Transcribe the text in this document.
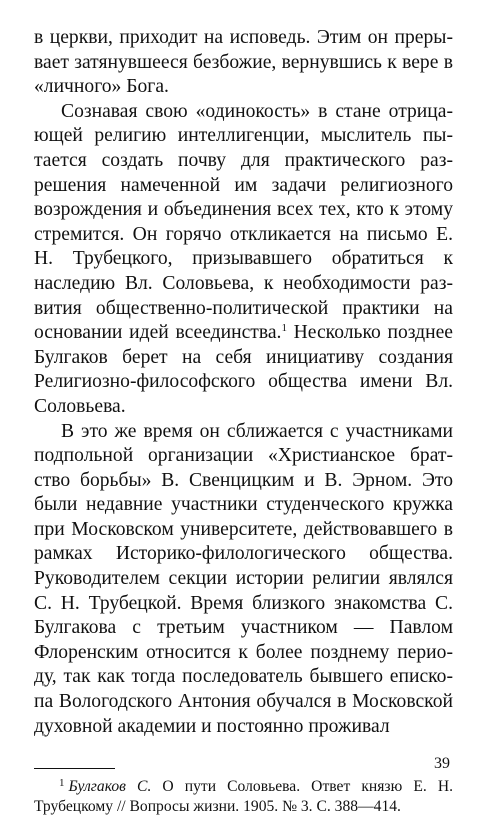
в церкви, приходит на исповедь. Этим он прерывает затянувшееся безбожие, вернувшись к вере в «личного» Бога.

Сознавая свою «одинокость» в стане отрицающей религию интеллигенции, мыслитель пытается создать почву для практического разрешения намеченной им задачи религиозного возрождения и объединения всех тех, кто к этому стремится. Он горячо откликается на письмо Е. Н. Трубецкого, призывавшего обратиться к наследию Вл. Соловьева, к необходимости развития общественно-политической практики на основании идей всеединства.$^1$ Несколько позднее Булгаков берет на себя инициативу создания Религиозно-философского общества имени Вл. Соловьева.

В это же время он сближается с участниками подпольной организации «Христианское братство борьбы» В. Свенцицким и В. Эрном. Это были недавние участники студенческого кружка при Московском университете, действовавшего в рамках Историко-филологического общества. Руководителем секции истории религии являлся С. Н. Трубецкой. Время близкого знакомства С. Булгакова с третьим участником — Павлом Флоренским относится к более позднему периоду, так как тогда последователь бывшего епископа Вологодского Антония обучался в Московской духовной академии и постоянно проживал

$^1$ Булгаков С. О пути Соловьева. Ответ князю Е. Н. Трубецкому // Вопросы жизни. 1905. № 3. С. 388—414.

39
